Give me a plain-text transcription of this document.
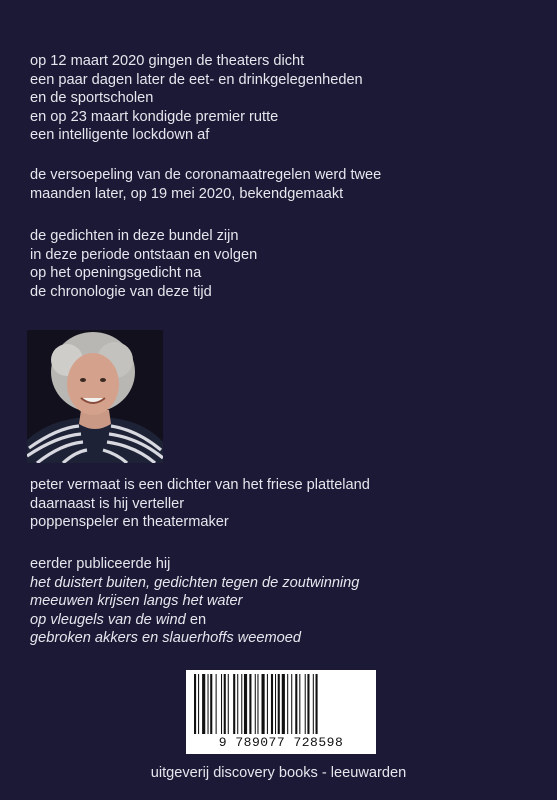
op 12 maart 2020 gingen de theaters dicht

een paar dagen later de eet- en drinkgelegenheden

en de sportscholen

en op 23 maart kondigde premier rutte

een intelligente lockdown af

de versoepeling van de coronamaatregelen werd twee

maanden later, op 19 mei 2020, bekendgemaakt

de gedichten in deze bundel zijn

in deze periode ontstaan en volgen

op het openingsgedicht na

de chronologie van deze tijd

peter vermaat is een dichter van het friese platteland

daarnaast is hij verteller

poppenspeler en theatermaker

eerder publiceerde hij

het duistert buiten, gedichten tegen de zoutwinning

meeuwen krijsen langs het water

op vleugels van de wind en

gebroken akkers en slauerhoffs weemoed

9 789077 728598
uitgeverij discovery books - leeuwarden
